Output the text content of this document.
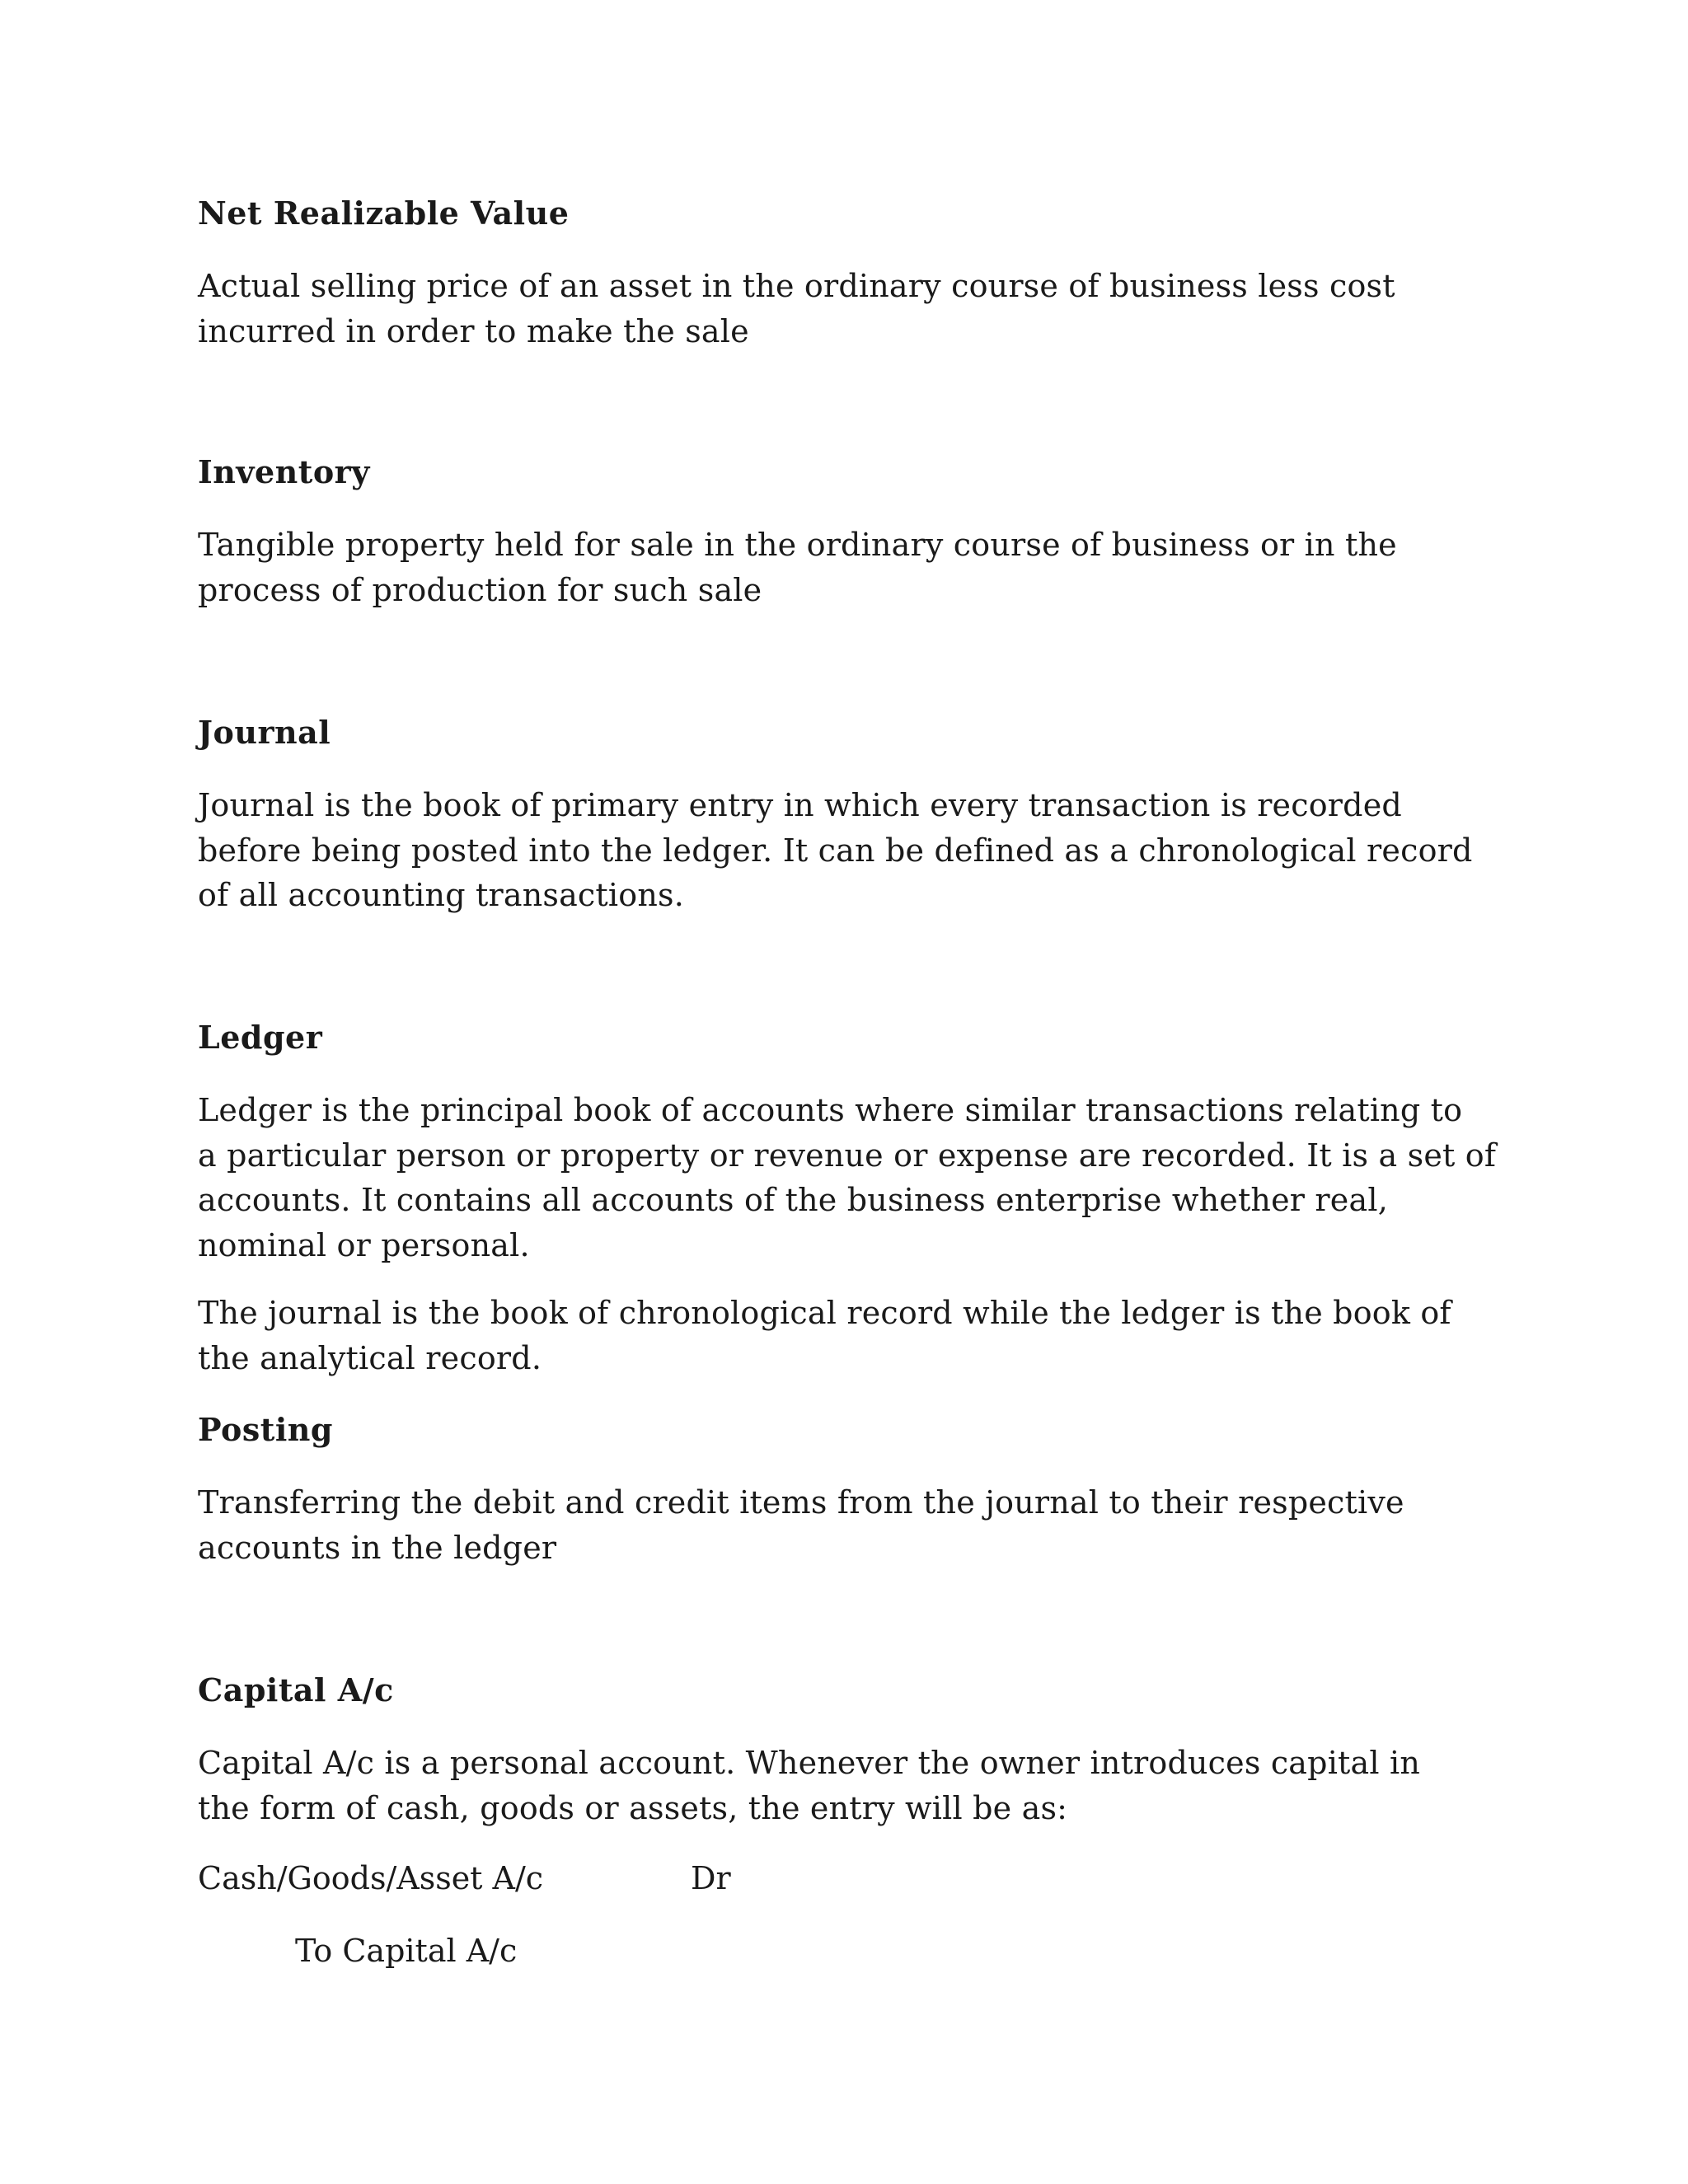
Net Realizable Value

Actual selling price of an asset in the ordinary course of business less cost
incurred in order to make the sale

Inventory

Tangible property held for sale in the ordinary course of business or in the
process of production for such sale

Journal

Journal is the book of primary entry in which every transaction is recorded
before being posted into the ledger. It can be defined as a chronological record
of all accounting transactions.

Ledger

Ledger is the principal book of accounts where similar transactions relating to
a particular person or property or revenue or expense are recorded. It is a set of
accounts. It contains all accounts of the business enterprise whether real,
nominal or personal.

The journal is the book of chronological record while the ledger is the book of
the analytical record.

Posting

Transferring the debit and credit items from the journal to their respective
accounts in the ledger

Capital A/c

Capital A/c is a personal account. Whenever the owner introduces capital in
the form of cash, goods or assets, the entry will be as:

Cash/Goods/Asset A/c	Dr

To Capital A/c
